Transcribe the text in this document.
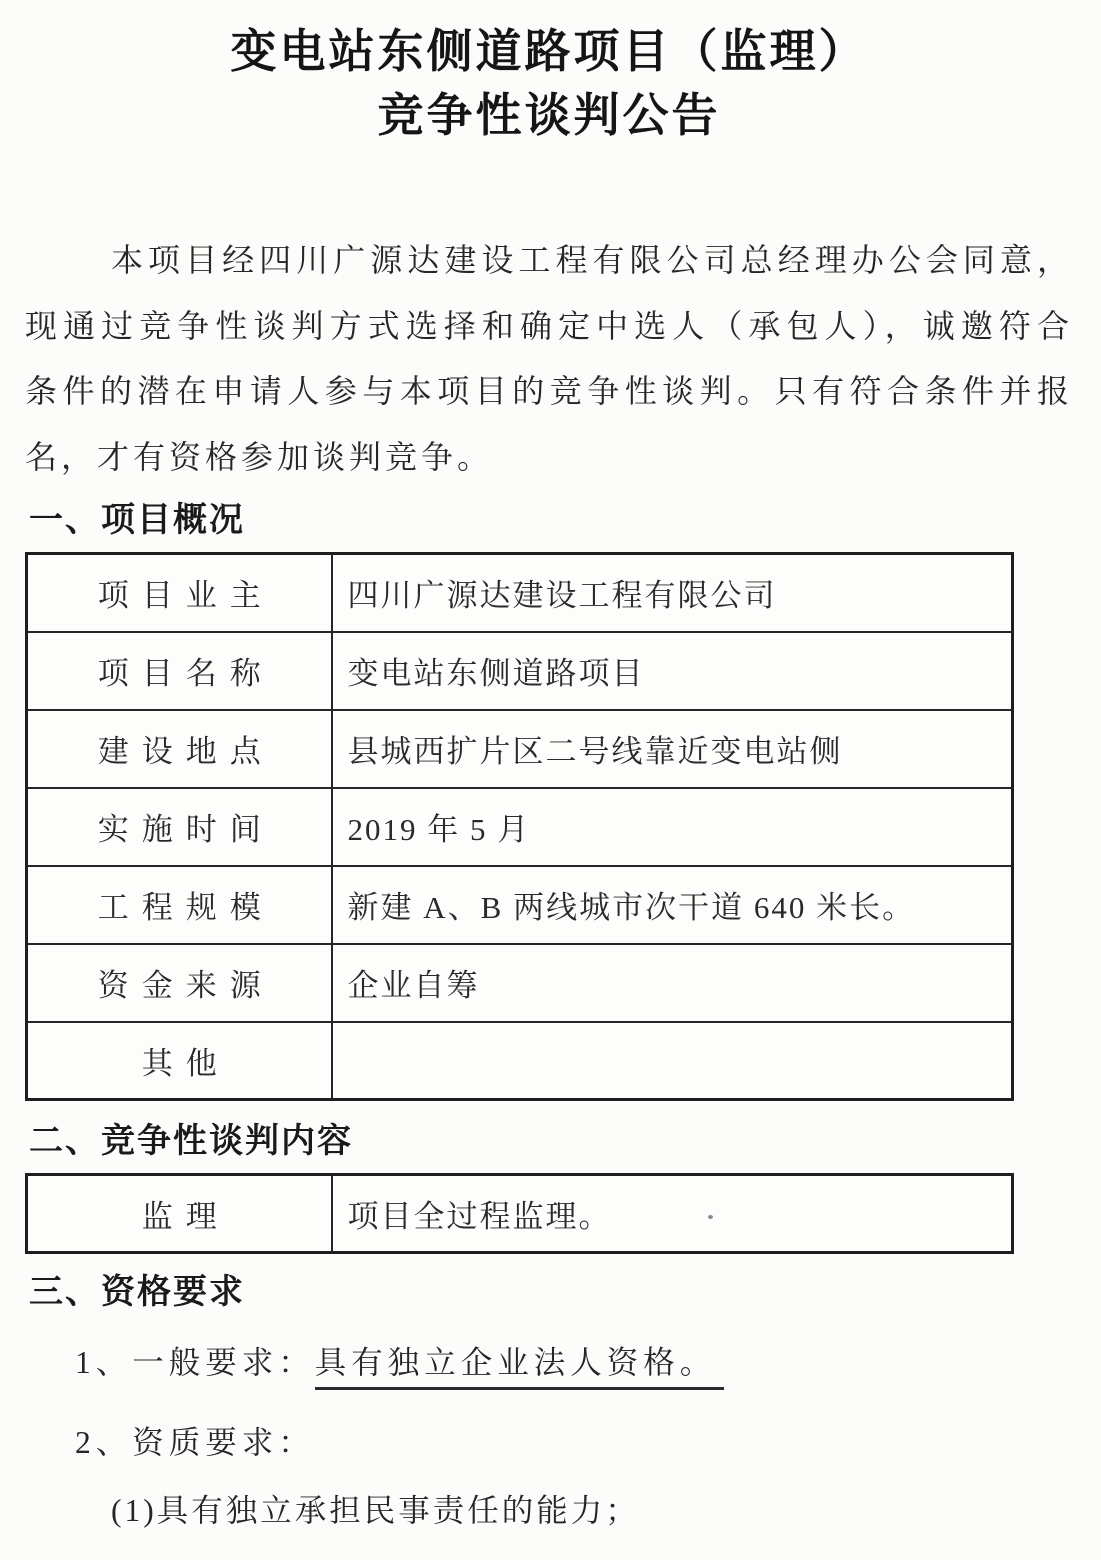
变电站东侧道路项目（监理）
竞争性谈判公告
本项目经四川广源达建设工程有限公司总经理办公会同意，
现通过竞争性谈判方式选择和确定中选人（承包人），诚邀符合
条件的潜在申请人参与本项目的竞争性谈判。只有符合条件并报
名，才有资格参加谈判竞争。
一、项目概况
项目业主	四川广源达建设工程有限公司
项目名称	变电站东侧道路项目
建设地点	县城西扩片区二号线靠近变电站侧
实施时间	2019 年 5 月
工程规模	新建 A、B 两线城市次干道 640 米长。
资金来源	企业自筹
其他	
二、竞争性谈判内容
监理	项目全过程监理。
三、资格要求
1、一般要求：具有独立企业法人资格。
2、资质要求：
(1)具有独立承担民事责任的能力；
